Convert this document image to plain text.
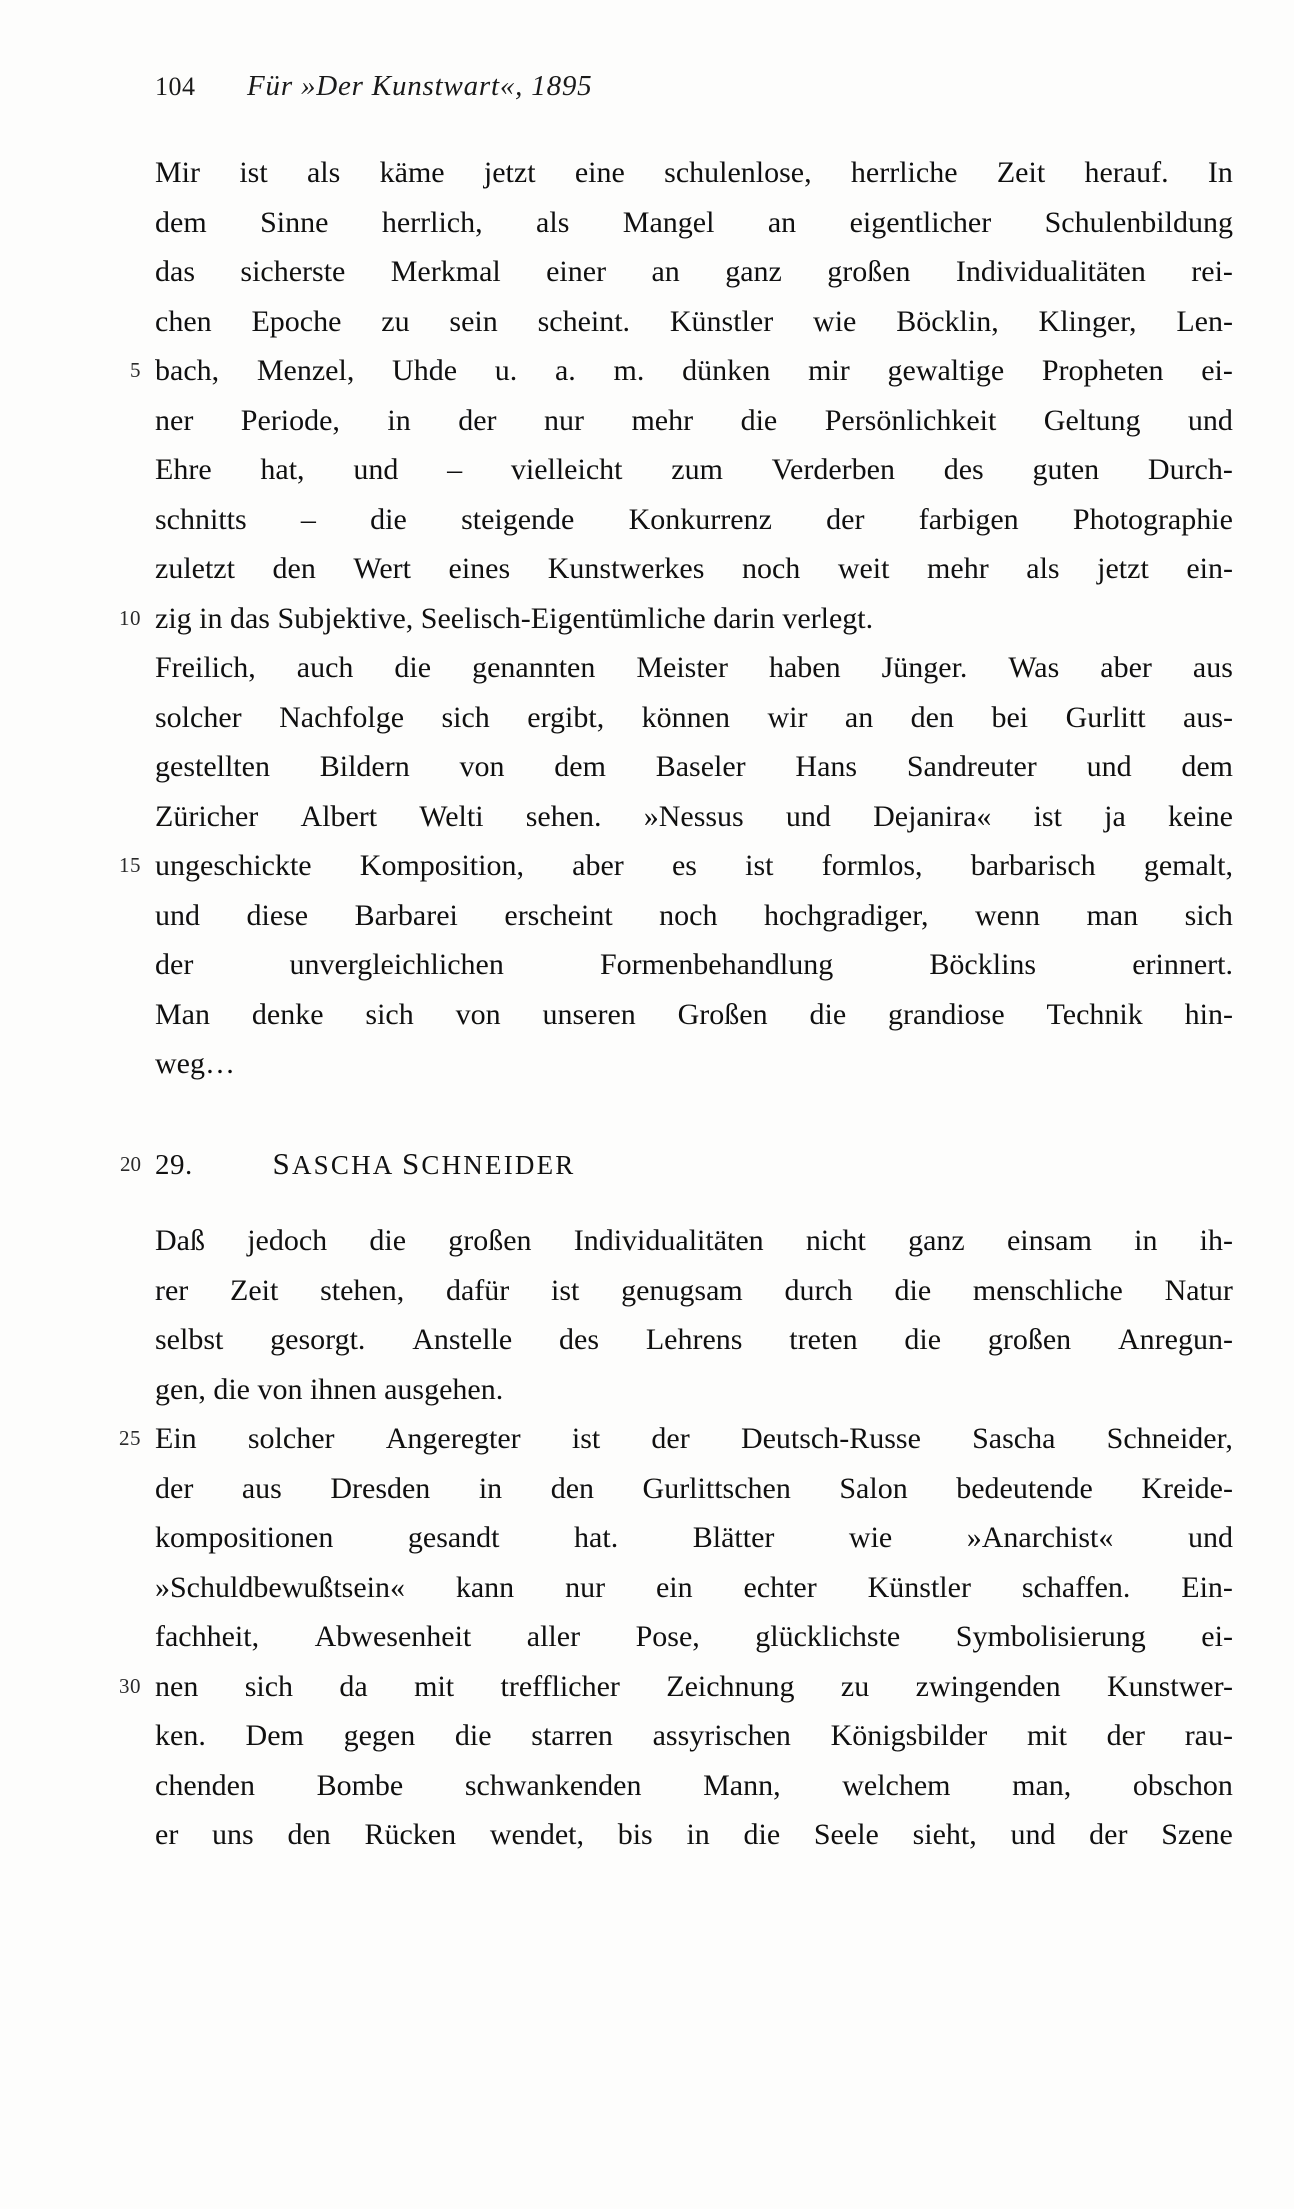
104	Für »Der Kunstwart«, 1895
Mir ist als käme jetzt eine schulenlose, herrliche Zeit herauf. In
dem Sinne herrlich, als Mangel an eigentlicher Schulenbildung
das sicherste Merkmal einer an ganz großen Individualitäten rei-
chen Epoche zu sein scheint. Künstler wie Böcklin, Klinger, Len-
5 bach, Menzel, Uhde u. a. m. dünken mir gewaltige Propheten ei-
ner Periode, in der nur mehr die Persönlichkeit Geltung und
Ehre hat, und – vielleicht zum Verderben des guten Durch-
schnitts – die steigende Konkurrenz der farbigen Photographie
zuletzt den Wert eines Kunstwerkes noch weit mehr als jetzt ein-
10 zig in das Subjektive, Seelisch-Eigentümliche darin verlegt.
Freilich, auch die genannten Meister haben Jünger. Was aber aus
solcher Nachfolge sich ergibt, können wir an den bei Gurlitt aus-
gestellten Bildern von dem Baseler Hans Sandreuter und dem
Züricher Albert Welti sehen. »Nessus und Dejanira« ist ja keine
15 ungeschickte Komposition, aber es ist formlos, barbarisch gemalt,
und diese Barbarei erscheint noch hochgradiger, wenn man sich
der	unvergleichlichen	Formenbehandlung	Böcklins	erinnert.
Man denke sich von unseren Großen die grandiose Technik hin-
weg…
20 29.	SASCHA SCHNEIDER
Daß jedoch die großen Individualitäten nicht ganz einsam in ih-
rer Zeit stehen, dafür ist genugsam durch die menschliche Natur
selbst gesorgt. Anstelle des Lehrens treten die großen Anregun-
gen, die von ihnen ausgehen.
25 Ein solcher Angeregter ist der Deutsch-Russe Sascha Schneider,
der aus Dresden in den Gurlittschen Salon bedeutende Kreide-
kompositionen gesandt hat. Blätter wie »Anarchist« und
»Schuldbewußtsein« kann nur ein echter Künstler schaffen. Ein-
fachheit, Abwesenheit aller Pose, glücklichste Symbolisierung ei-
30 nen sich da mit trefflicher Zeichnung zu zwingenden Kunstwer-
ken. Dem gegen die starren assyrischen Königsbilder mit der rau-
chenden Bombe schwankenden Mann, welchem man, obschon
er uns den Rücken wendet, bis in die Seele sieht, und der Szene
